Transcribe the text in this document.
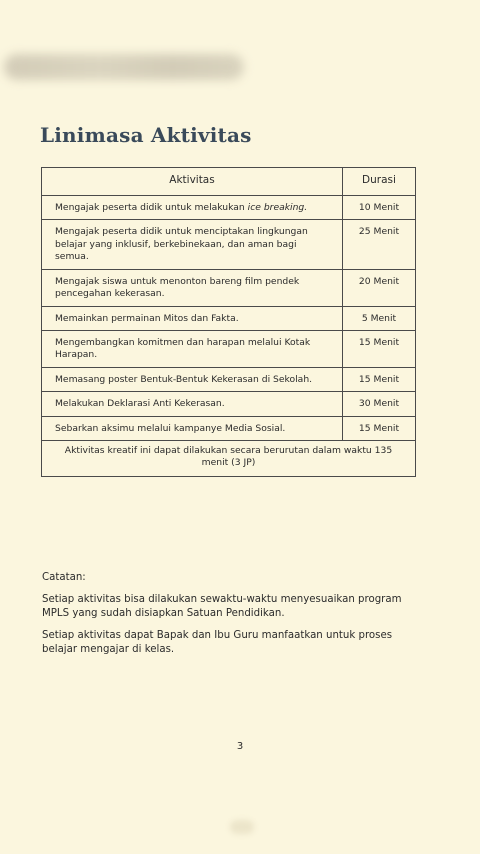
Linimasa Aktivitas
Aktivitas	Durasi
Mengajak peserta didik untuk melakukan ice breaking.	10 Menit
Mengajak peserta didik untuk menciptakan lingkungan belajar yang inklusif, berkebinekaan, dan aman bagi semua.	25 Menit
Mengajak siswa untuk menonton bareng film pendek pencegahan kekerasan.	20 Menit
Memainkan permainan Mitos dan Fakta.	5 Menit
Mengembangkan komitmen dan harapan melalui Kotak Harapan.	15 Menit
Memasang poster Bentuk-Bentuk Kekerasan di Sekolah.	15 Menit
Melakukan Deklarasi Anti Kekerasan.	30 Menit
Sebarkan aksimu melalui kampanye Media Sosial.	15 Menit
Aktivitas kreatif ini dapat dilakukan secara berurutan dalam waktu 135 menit (3 JP)	

Catatan:

Setiap aktivitas bisa dilakukan sewaktu-waktu menyesuaikan program MPLS yang sudah disiapkan Satuan Pendidikan.

Setiap aktivitas dapat Bapak dan Ibu Guru manfaatkan untuk proses belajar mengajar di kelas.

3
